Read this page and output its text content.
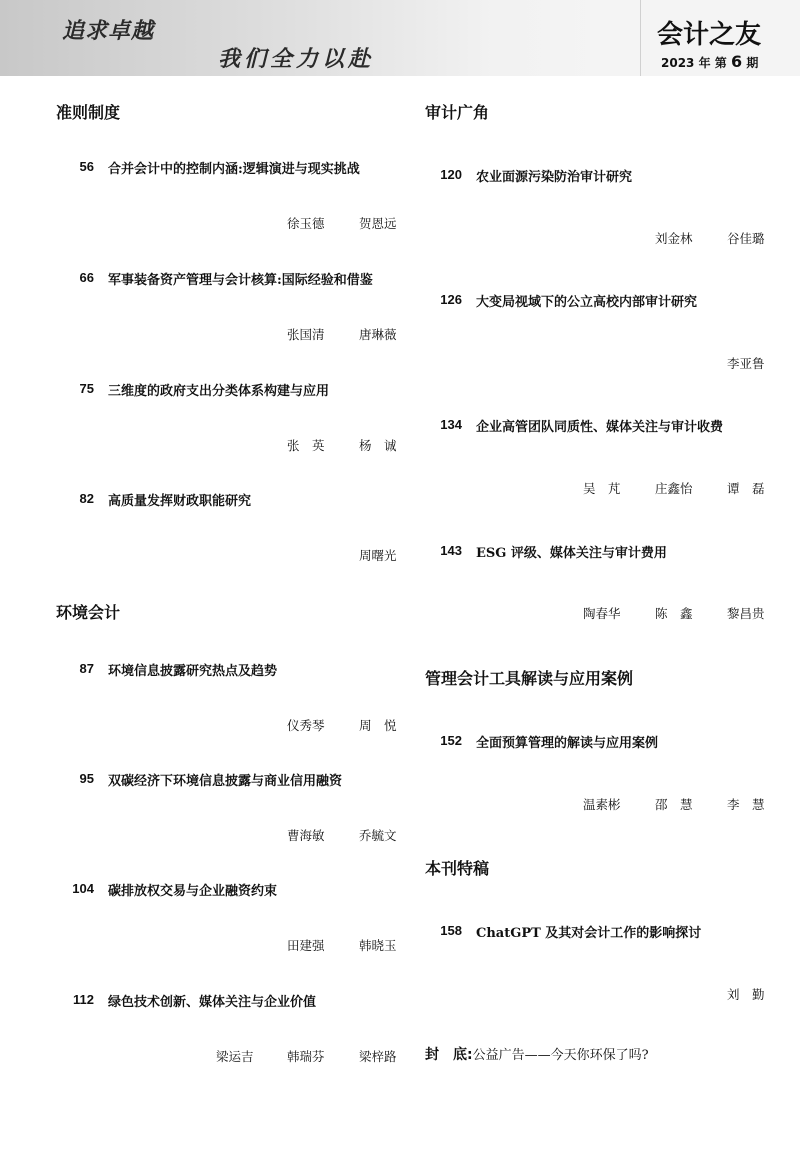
追求卓越
我们全力以赴
会计之友
2023 年 第 6 期
准则制度
56 合并会计中的控制内涵:逻辑演进与现实挑战
徐玉德	贺恩远
66 军事装备资产管理与会计核算:国际经验和借鉴
张国清	唐琳薇
75 三维度的政府支出分类体系构建与应用
张　英	杨　诚
82 高质量发挥财政职能研究
周曙光
环境会计
87 环境信息披露研究热点及趋势
仪秀琴	周　悦
95 双碳经济下环境信息披露与商业信用融资
曹海敏	乔毓文
104 碳排放权交易与企业融资约束
田建强	韩晓玉
112 绿色技术创新、媒体关注与企业价值
梁运吉	韩瑞芬	梁梓路
审计广角
120 农业面源污染防治审计研究
刘金林	谷佳璐
126 大变局视域下的公立高校内部审计研究
李亚鲁
134 企业高管团队同质性、媒体关注与审计收费
吴　芃	庄鑫怡	谭　磊
143 ESG 评级、媒体关注与审计费用
陶春华	陈　鑫	黎昌贵
管理会计工具解读与应用案例
152 全面预算管理的解读与应用案例
温素彬	邵　慧	李　慧
本刊特稿
158 ChatGPT 及其对会计工作的影响探讨
刘　勤
封　底:公益广告——今天你环保了吗?
